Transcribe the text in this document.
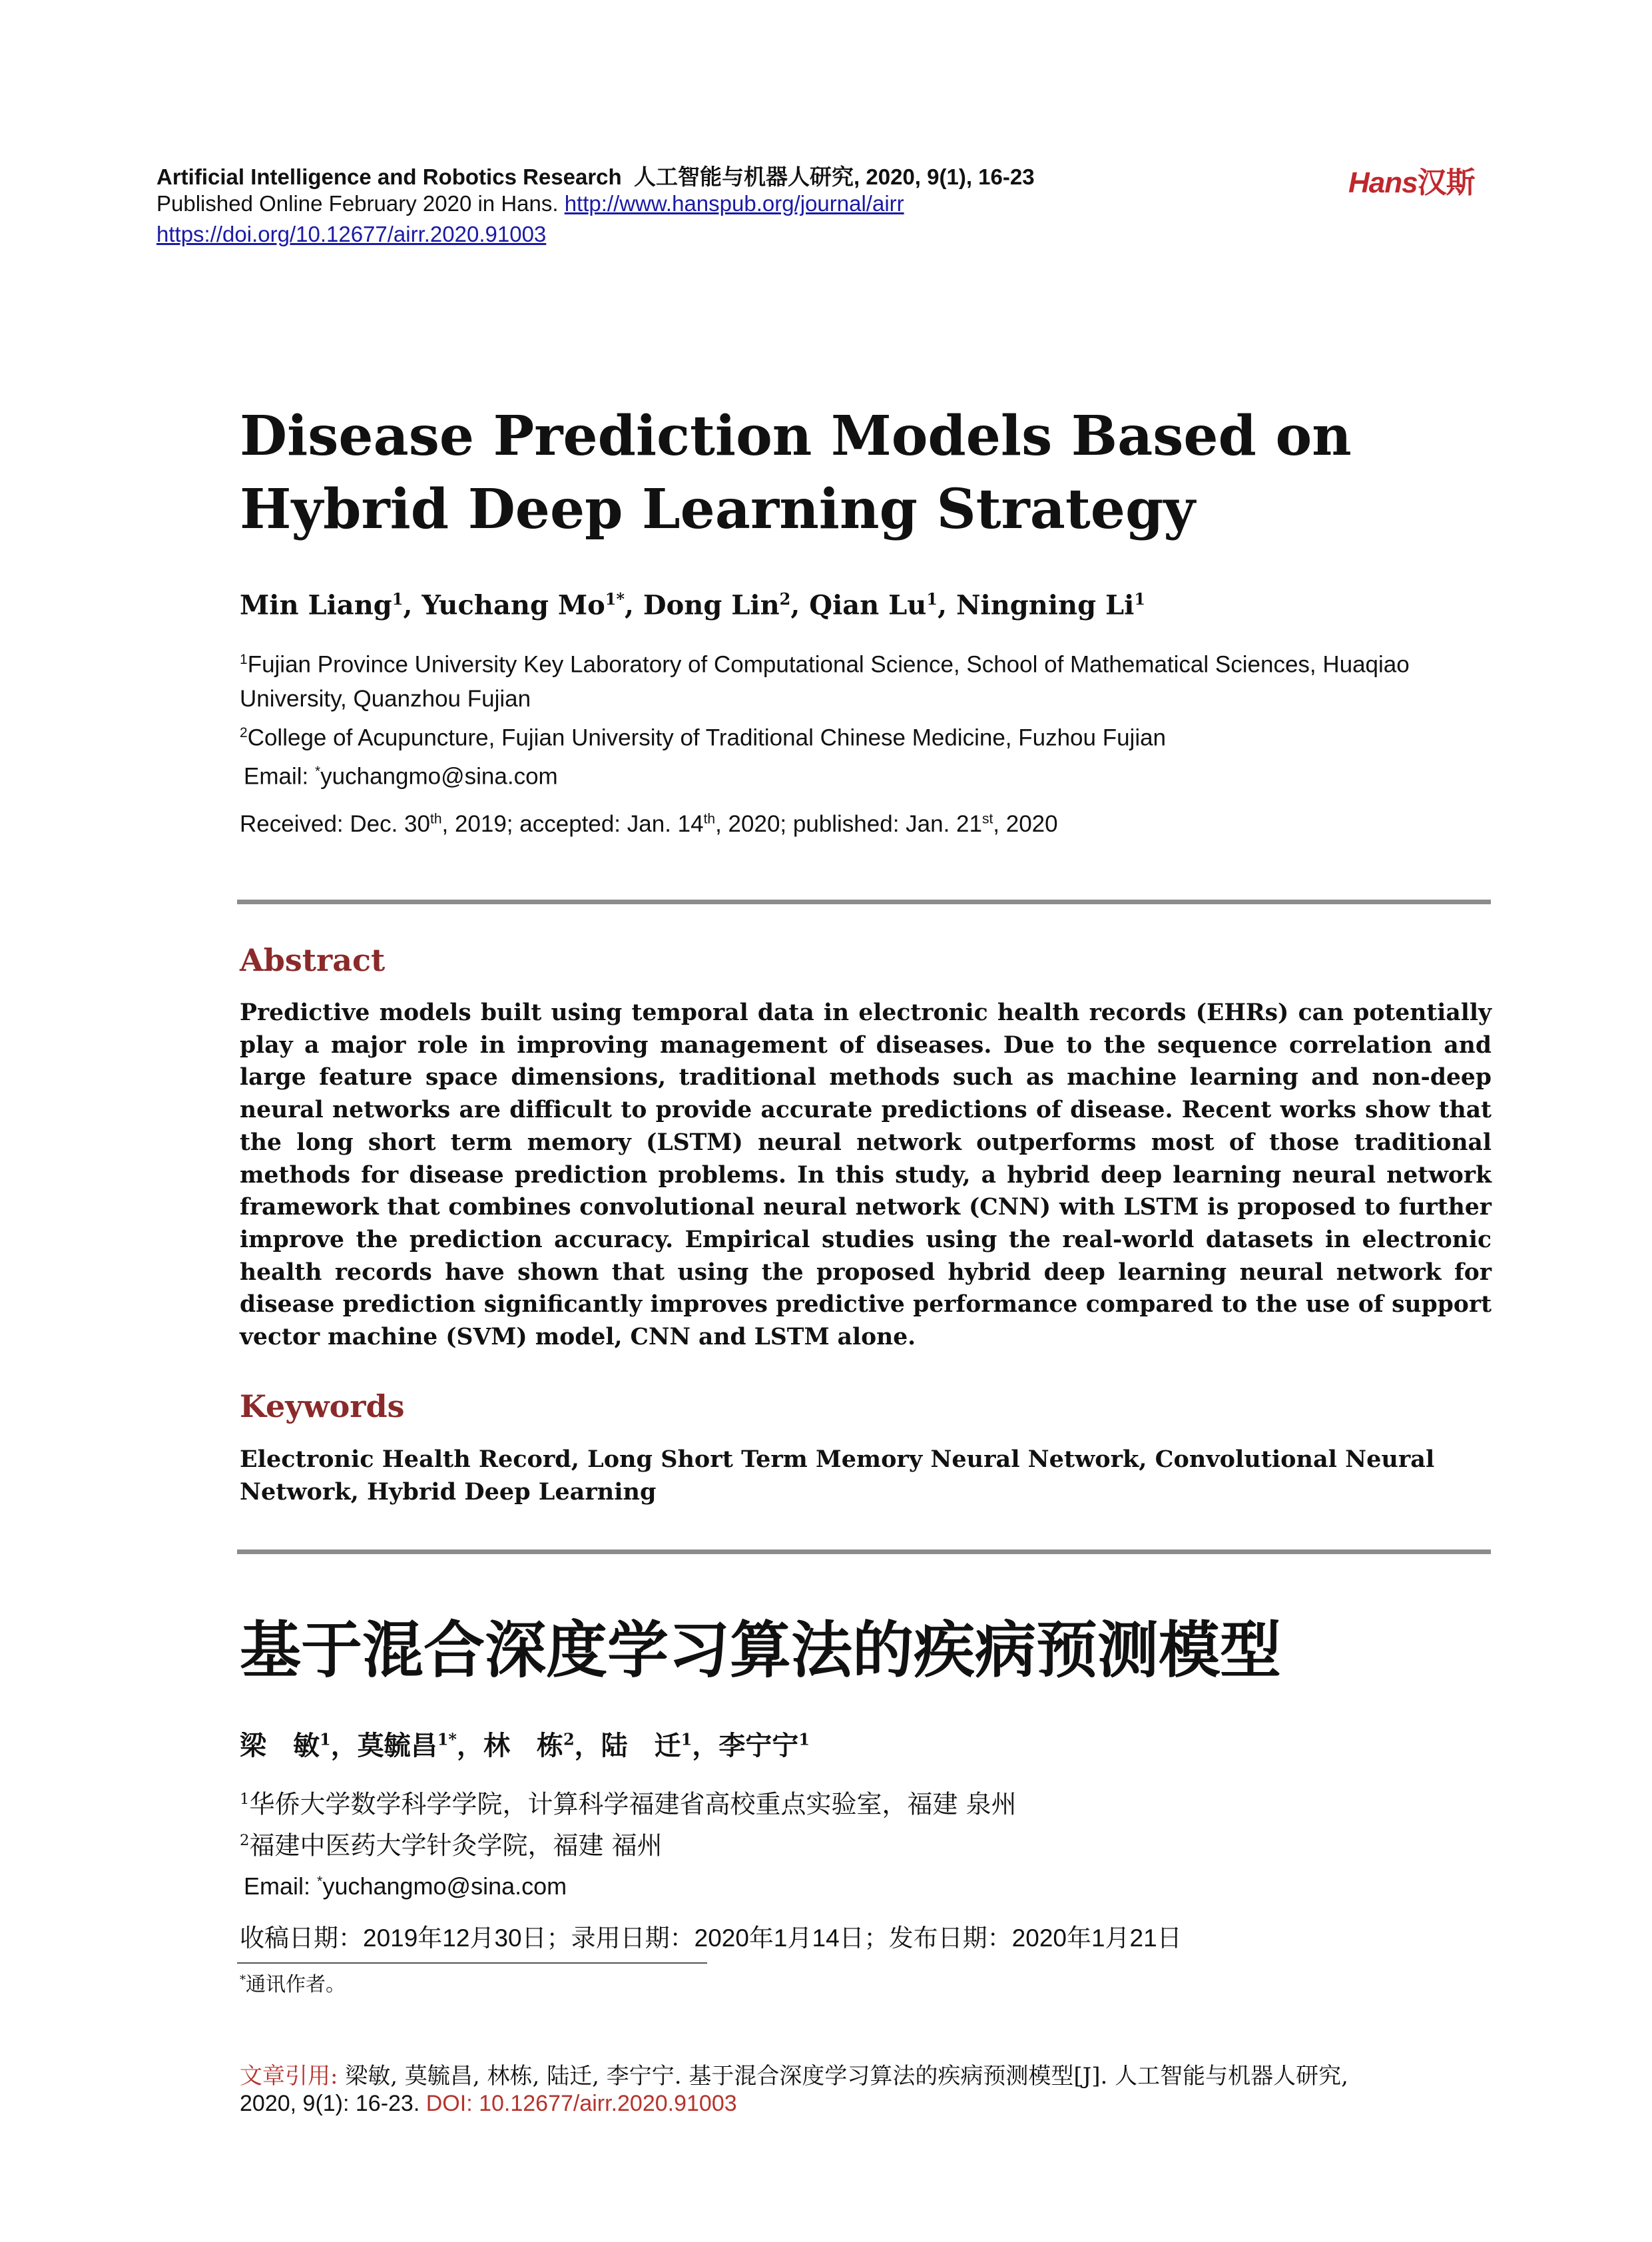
Artificial Intelligence and Robotics Research 人工智能与机器人研究, 2020, 9(1), 16-23
Published Online February 2020 in Hans. http://www.hanspub.org/journal/airr
https://doi.org/10.12677/airr.2020.91003
Hans汉斯
Disease Prediction Models Based on Hybrid Deep Learning Strategy
Min Liang$^1$, Yuchang $Mo^{1*}$, Dong Lin$^2$, Qian Lu$^1$, Ningning Li$^1$
$^1$Fujian Province University Key Laboratory of Computational Science, School of Mathematical Sciences, Huaqiao University, Quanzhou Fujian
$^2$College of Acupuncture, Fujian University of Traditional Chinese Medicine, Fuzhou Fujian
Email: *yuchangmo@sina.com
Received: Dec. 30th, 2019; accepted: Jan. 14th, 2020; published: Jan. 21st, 2020
Abstract
Predictive models built using temporal data in electronic health records (EHRs) can potentially play a major role in improving management of diseases. Due to the sequence correlation and large feature space dimensions, traditional methods such as machine learning and non-deep neural networks are difficult to provide accurate predictions of disease. Recent works show that the long short term memory (LSTM) neural network outperforms most of those traditional methods for disease prediction problems. In this study, a hybrid deep learning neural network framework that combines convolutional neural network (CNN) with LSTM is proposed to further improve the prediction accuracy. Empirical studies using the real-world datasets in electronic health records have shown that using the proposed hybrid deep learning neural network for disease prediction significantly improves predictive performance compared to the use of support vector machine (SVM) model, CNN and LSTM alone.
Keywords
Electronic Health Record, Long Short Term Memory Neural Network, Convolutional Neural Network, Hybrid Deep Learning
基于混合深度学习算法的疾病预测模型
梁　敏$^1$，莫毓昌$^{1*}$，林　栋$^2$，陆　迁$^1$，李宁宁$^1$
$^1$华侨大学数学科学学院，计算科学福建省高校重点实验室，福建 泉州
$^2$福建中医药大学针灸学院，福建 福州
Email: *yuchangmo@sina.com
收稿日期：2019年12月30日；录用日期：2020年1月14日；发布日期：2020年1月21日
*通讯作者。
文章引用: 梁敏, 莫毓昌, 林栋, 陆迁, 李宁宁. 基于混合深度学习算法的疾病预测模型[J]. 人工智能与机器人研究,
2020, 9(1): 16-23. DOI: 10.12677/airr.2020.91003
